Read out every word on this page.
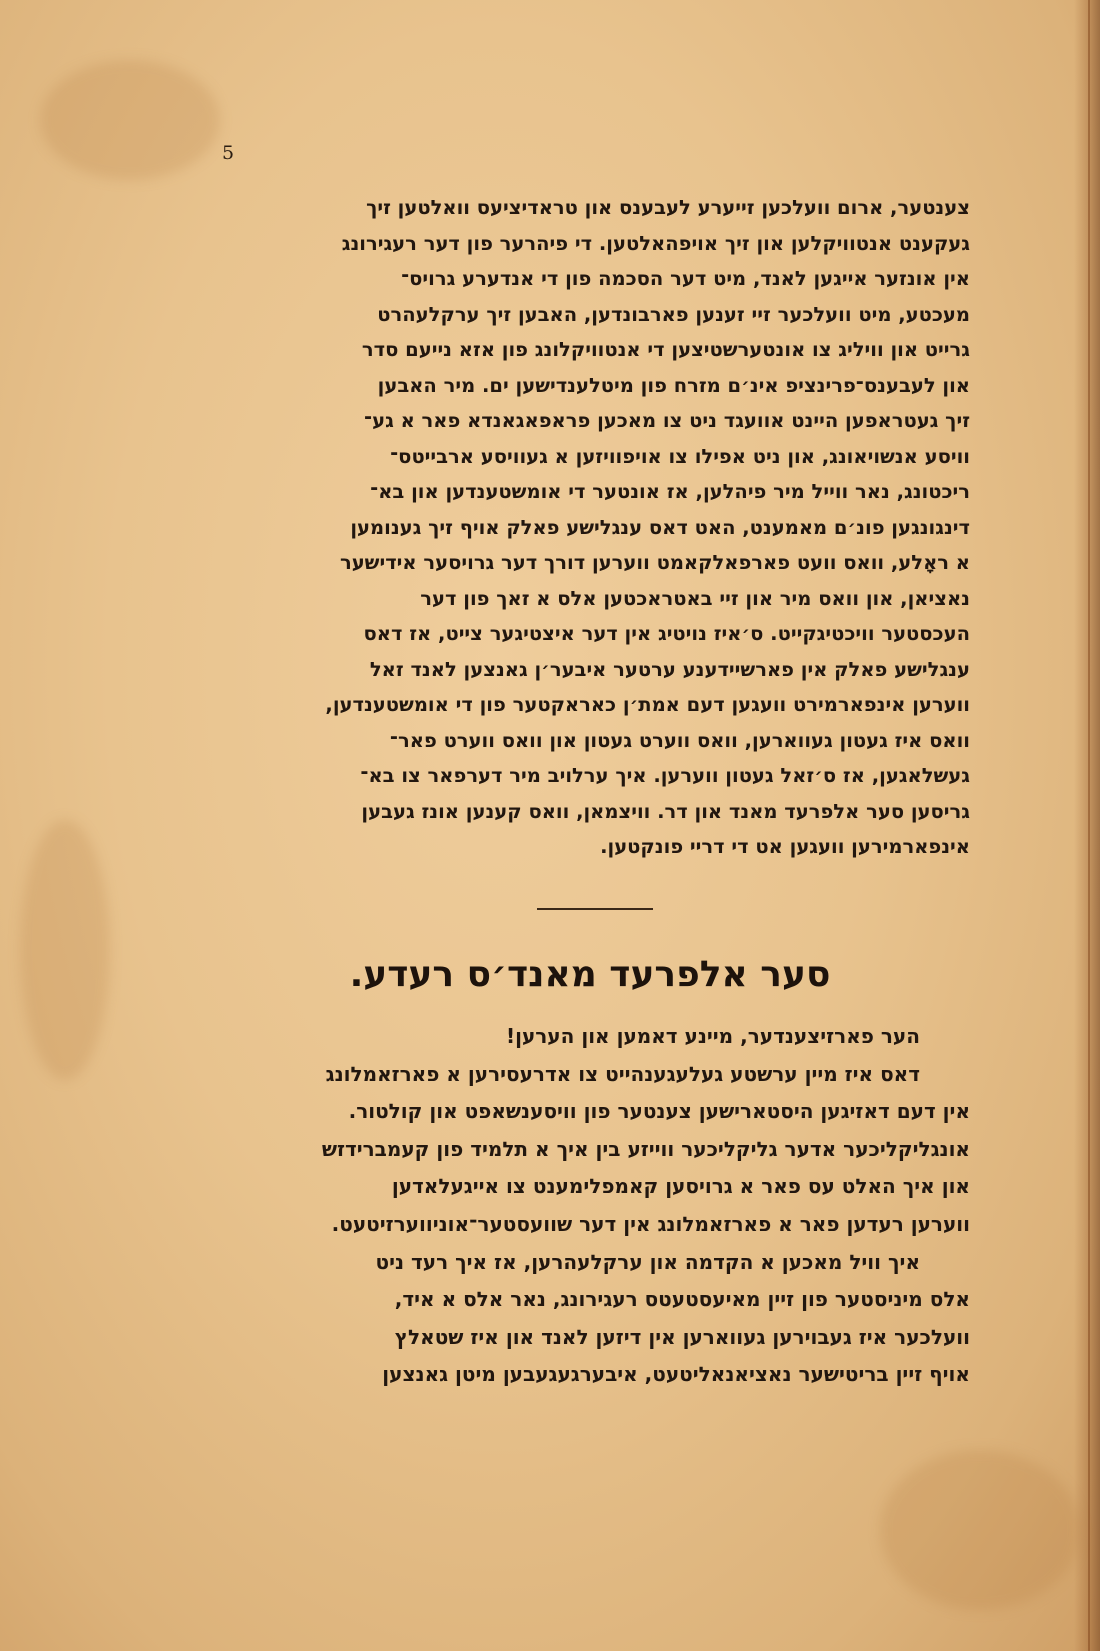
5
צענטער, ארום וועלכען זייערע לעבענס און טראדיציעס וואלטען זיך
געקענט אנטוויקלען און זיך אויפהאלטען. די פיהרער פון דער רעגירונג
אין אונזער אייגען לאנד, מיט דער הסכמה פון די אנדערע גרויס־
מעכטע, מיט וועלכער זיי זענען פארבונדען, האבען זיך ערקלעהרט
גרייט און וויליג צו אונטערשטיצען די אנטוויקלונג פון אזא נייעם סדר
און לעבענס־פרינציפ אינ׳ם מזרח פון מיטלענדישען ים. מיר האבען
זיך געטראפען היינט אוועגד ניט צו מאכען פראפאגאנדא פאר א גע־
וויסע אנשויאונג, און ניט אפילו צו אויפוויזען א געוויסע ארבייטס־
ריכטונג, נאר ווייל מיר פיהלען, אז אונטער די אומשטענדען און בא־
דינגונגען פונ׳ם מאמענט, האט דאס ענגלישע פאלק אויף זיך גענומען
א ראָלע, וואס וועט פארפאלקאמט ווערען דורך דער גרויסער אידישער
נאציאן, און וואס מיר און זיי באטראכטען אלס א זאך פון דער
העכסטער וויכטיגקייט. ס׳איז נויטיג אין דער איצטיגער צייט, אז דאס
ענגלישע פאלק אין פארשיידענע ערטער איבער׳ן גאנצען לאנד זאל
ווערען אינפארמירט וועגען דעם אמת׳ן כאראקטער פון די אומשטענדען,
וואס איז געטון געווארען, וואס ווערט געטון און וואס ווערט פאר־
געשלאגען, אז ס׳זאל געטון ווערען. איך ערלויב מיר דערפאר צו בא־
גריסען סער אלפרעד מאנד און דר. וויצמאן, וואס קענען אונז געבען
אינפארמירען וועגען אט די דריי פונקטען.
סער אלפרעד מאנד׳ס רעדע.
הער פארזיצענדער, מיינע דאמען און הערען!
דאס איז מיין ערשטע געלעגענהייט צו אדרעסירען א פארזאמלונג
אין דעם דאזיגען היסטארישען צענטער פון וויסענשאפט און קולטור.
אונגליקליכער אדער גליקליכער ווייזע בין איך א תלמיד פון קעמברידזש
און איך האלט עס פאר א גרויסען קאמפלימענט צו אייגעלאדען
ווערען רעדען פאר א פארזאמלונג אין דער שוועסטער־אוניווערזיטעט.
איך וויל מאכען א הקדמה און ערקלעהרען, אז איך רעד ניט
אלס מיניסטער פון זיין מאיעסטעטס רעגירונג, נאר אלס א איד,
וועלכער איז געבוירען געווארען אין דיזען לאנד און איז שטאלץ
אויף זיין בריטישער נאציאנאליטעט, איבערגעגעבען מיטן גאנצען
